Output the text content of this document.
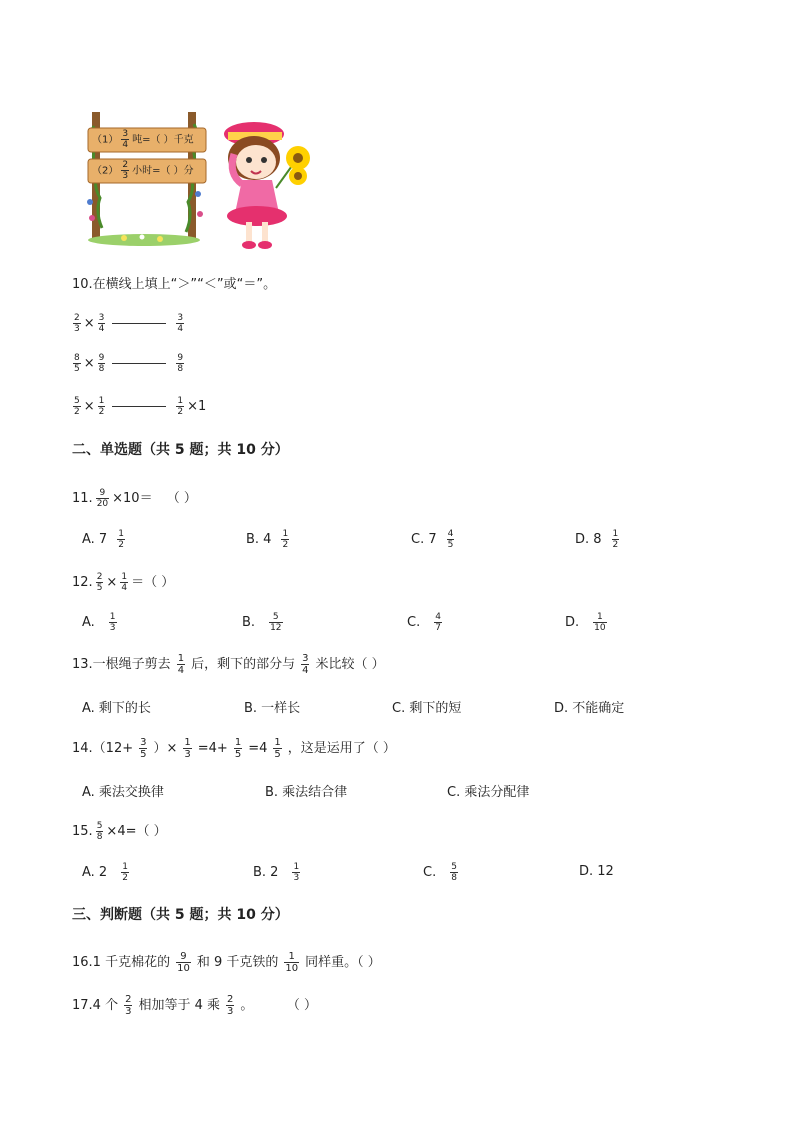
$(1) \frac{3}{4}$ 吨=（ ）千克
$(2) \frac{2}{3}$ 小时=（ ）分
10.在横线上填上“＞”“＜”或“＝”。
$\frac{2}{3} \times \frac{3}{4}$	$\frac{3}{4}$
$\frac{8}{5} \times \frac{9}{8}$	$\frac{9}{8}$
$\frac{5}{2} \times \frac{1}{2}$	$\frac{1}{2} \times 1$
二、单选题（共 5 题；共 10 分）
11. $\frac{9}{20} \times 10=$ （ ）
A. $7 \frac{1}{2}$	B. $4 \frac{1}{2}$	C. $7 \frac{4}{5}$	D. $8 \frac{1}{2}$
12. $\frac{2}{5} \times \frac{1}{4}$ ＝（ ）
A. $\frac{1}{3}$	B. $\frac{5}{12}$	C. $\frac{4}{7}$	D. $\frac{1}{10}$
13.一根绳子剪去 $\frac{1}{4}$ 后，剩下的部分与 $\frac{3}{4}$ 米比较（ ）
A. 剩下的长	B. 一样长	C. 剩下的短	D. 不能确定
$14.(12+ \frac{3}{5}$ ）× $\frac{1}{3} =4+ \frac{1}{5} =4 \frac{1}{5}$ ，这是运用了（ ）
A. 乘法交换律	B. 乘法结合律	C. 乘法分配律
15. $\frac{5}{8} \times 4=$（ ）
A. $2 \frac{1}{2}$	B. $2 \frac{1}{3}$	C. $\frac{5}{8}$	D. 12
三、判断题（共 5 题；共 10 分）
16.1 千克棉花的 $\frac{9}{10}$ 和 9 千克铁的 $\frac{1}{10}$ 同样重。（ ）
17.4 个 $\frac{2}{3}$ 相加等于 4 乘 $\frac{2}{3}$ 。	（ ）
